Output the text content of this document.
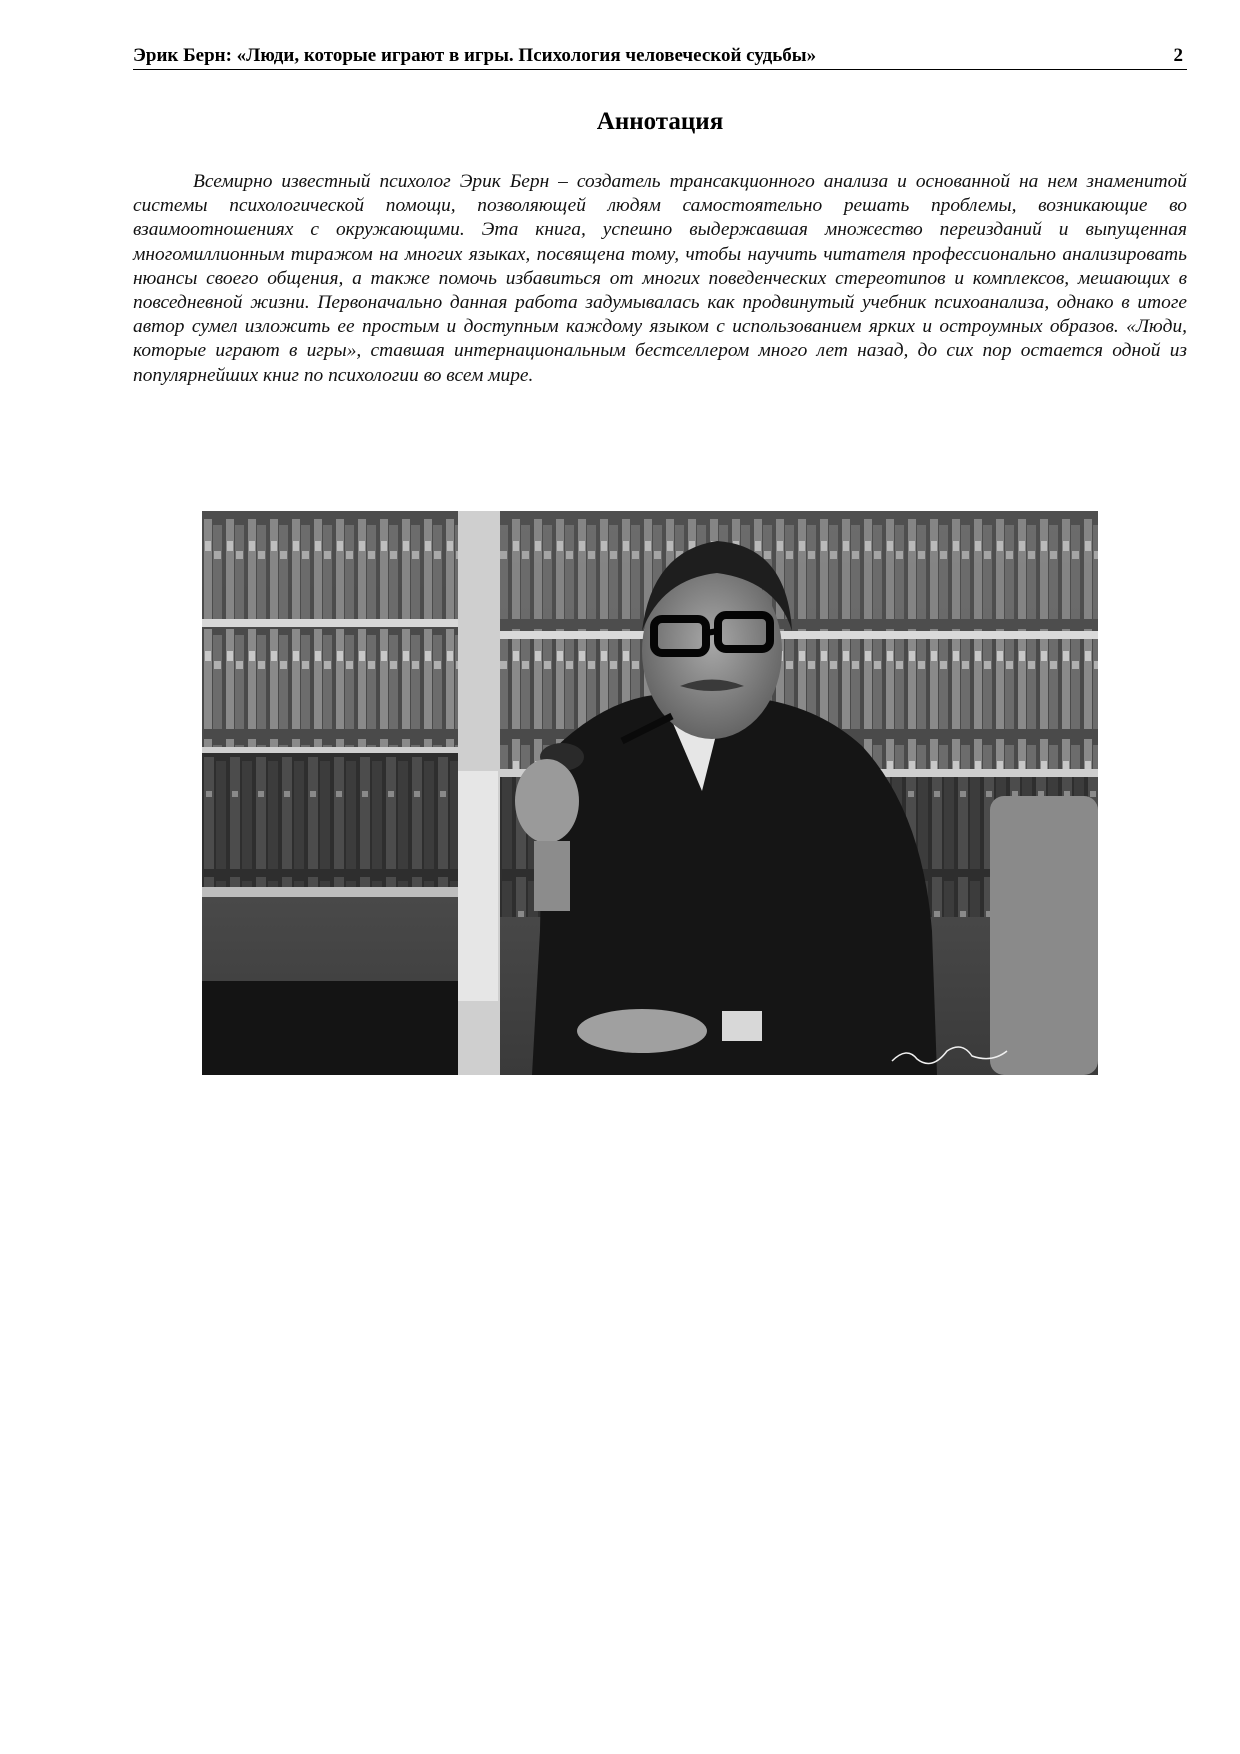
Эрик Берн: «Люди, которые играют в игры. Психология человеческой судьбы»	2
Аннотация

Всемирно известный психолог Эрик Берн – создатель трансакционного анализа и основанной на нем знаменитой системы психологической помощи, позволяющей людям самостоятельно решать проблемы, возникающие во взаимоотношениях с окружающими. Эта книга, успешно выдержавшая множество переизданий и выпущенная многомиллионным тиражом на многих языках, посвящена тому, чтобы научить читателя профессионально анализировать нюансы своего общения, а также помочь избавиться от многих поведенческих стереотипов и комплексов, мешающих в повседневной жизни. Первоначально данная работа задумывалась как продвинутый учебник психоанализа, однако в итоге автор сумел изложить ее простым и доступным каждому языком с использованием ярких и остроумных образов. «Люди, которые играют в игры», ставшая интернациональным бестселлером много лет назад, до сих пор остается одной из популярнейших книг по психологии во всем мире.
